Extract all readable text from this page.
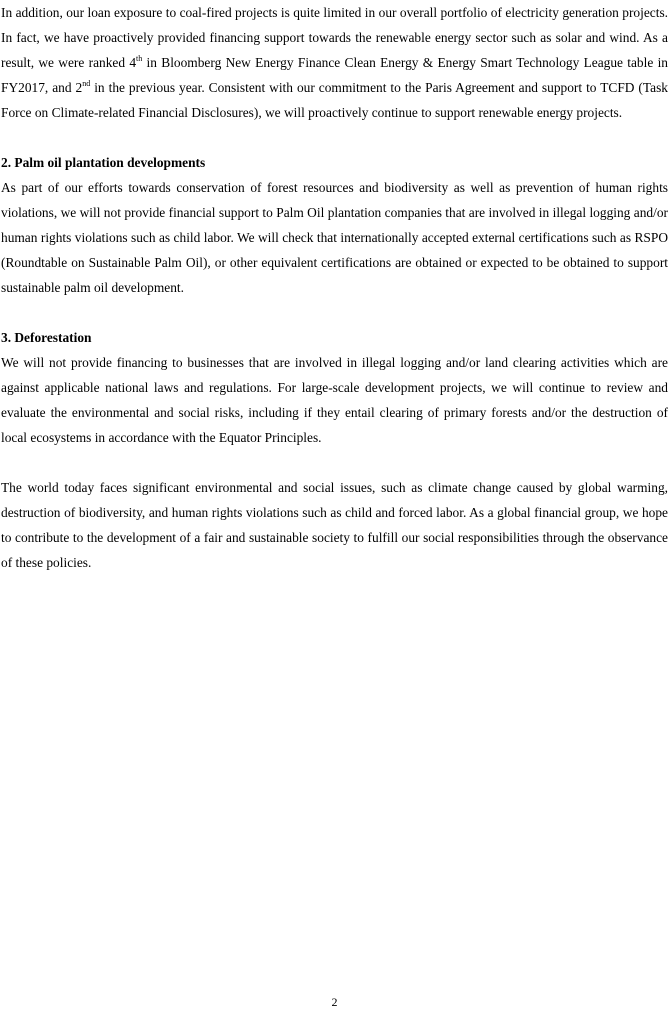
In addition, our loan exposure to coal-fired projects is quite limited in our overall portfolio of electricity generation projects. In fact, we have proactively provided financing support towards the renewable energy sector such as solar and wind. As a result, we were ranked 4th in Bloomberg New Energy Finance Clean Energy & Energy Smart Technology League table in FY2017, and 2nd in the previous year. Consistent with our commitment to the Paris Agreement and support to TCFD (Task Force on Climate-related Financial Disclosures), we will proactively continue to support renewable energy projects.

2. Palm oil plantation developments

As part of our efforts towards conservation of forest resources and biodiversity as well as prevention of human rights violations, we will not provide financial support to Palm Oil plantation companies that are involved in illegal logging and/or human rights violations such as child labor. We will check that internationally accepted external certifications such as RSPO (Roundtable on Sustainable Palm Oil), or other equivalent certifications are obtained or expected to be obtained to support sustainable palm oil development.

3. Deforestation

We will not provide financing to businesses that are involved in illegal logging and/or land clearing activities which are against applicable national laws and regulations. For large-scale development projects, we will continue to review and evaluate the environmental and social risks, including if they entail clearing of primary forests and/or the destruction of local ecosystems in accordance with the Equator Principles.

The world today faces significant environmental and social issues, such as climate change caused by global warming, destruction of biodiversity, and human rights violations such as child and forced labor. As a global financial group, we hope to contribute to the development of a fair and sustainable society to fulfill our social responsibilities through the observance of these policies.

2
